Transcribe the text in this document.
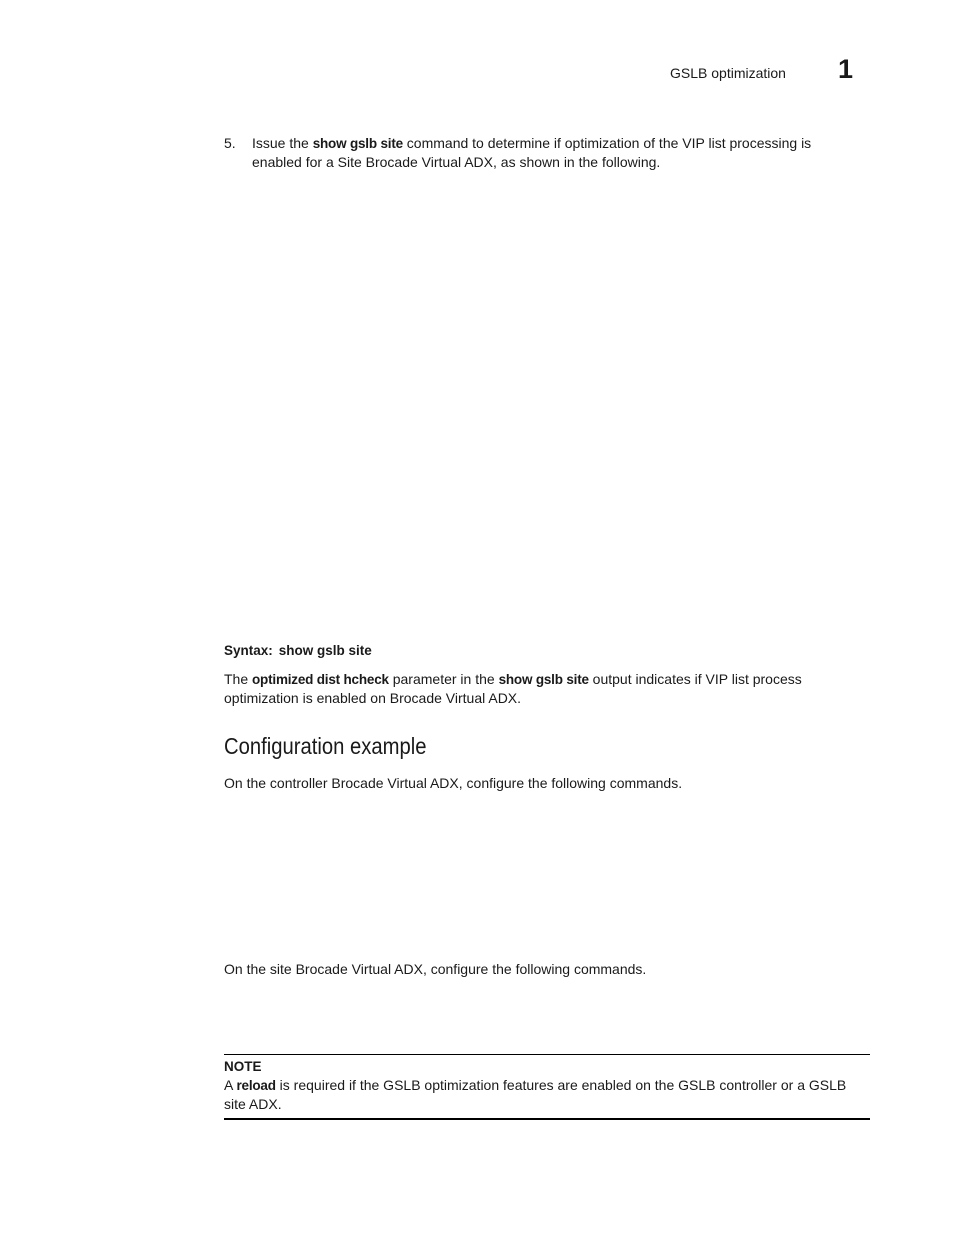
GSLB optimization 1
5. Issue the show gslb site command to determine if optimization of the VIP list processing is enabled for a Site Brocade Virtual ADX, as shown in the following.
Syntax: show gslb site
The optimized dist hcheck parameter in the show gslb site output indicates if VIP list process optimization is enabled on Brocade Virtual ADX.
Configuration example
On the controller Brocade Virtual ADX, configure the following commands.
On the site Brocade Virtual ADX, configure the following commands.
NOTE
A reload is required if the GSLB optimization features are enabled on the GSLB controller or a GSLB site ADX.
